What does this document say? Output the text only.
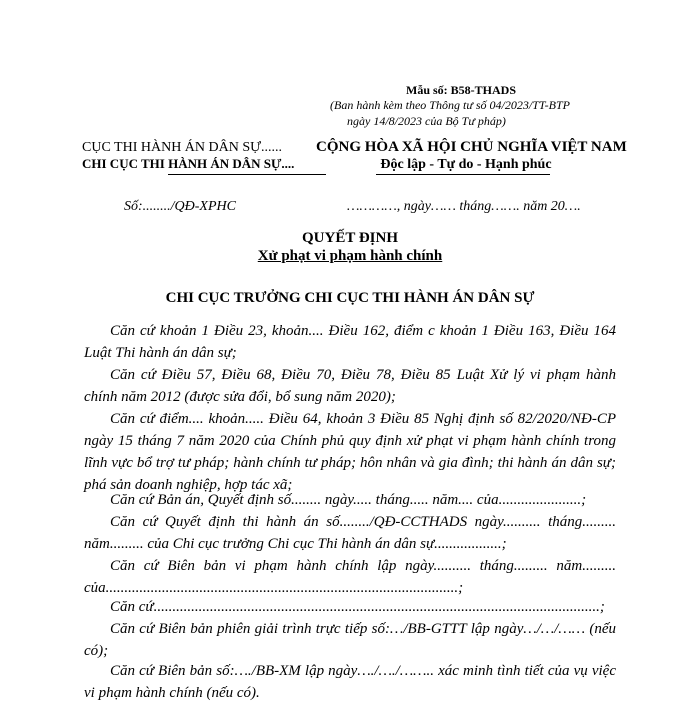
Mẫu số: B58-THADS
(Ban hành kèm theo Thông tư số 04/2023/TT-BTP
ngày 14/8/2023 của Bộ Tư pháp)
CỤC THI HÀNH ÁN DÂN SỰ......
CHI CỤC THI HÀNH ÁN DÂN SỰ....
CỘNG HÒA XÃ HỘI CHỦ NGHĨA VIỆT NAM
Độc lập - Tự do - Hạnh phúc
Số:......../QĐ-XPHC	…………, ngày…… tháng……. năm 20….
QUYẾT ĐỊNH
Xử phạt vi phạm hành chính
CHI CỤC TRƯỞNG CHI CỤC THI HÀNH ÁN DÂN SỰ
Căn cứ khoản 1 Điều 23, khoản.... Điều 162, điểm c khoản 1 Điều 163, Điều 164 Luật Thi hành án dân sự;
Căn cứ Điều 57, Điều 68, Điều 70, Điều 78, Điều 85 Luật Xử lý vi phạm hành chính năm 2012 (được sửa đổi, bổ sung năm 2020);
Căn cứ điểm.... khoản..... Điều 64, khoản 3 Điều 85 Nghị định số 82/2020/NĐ-CP ngày 15 tháng 7 năm 2020 của Chính phủ quy định xử phạt vi phạm hành chính trong lĩnh vực bổ trợ tư pháp; hành chính tư pháp; hôn nhân và gia đình; thi hành án dân sự; phá sản doanh nghiệp, hợp tác xã;
Căn cứ Bản án, Quyết định số........ ngày..... tháng..... năm.... của......................;
Căn cứ Quyết định thi hành án số......../QĐ-CCTHADS ngày.......... tháng......... năm......... của Chi cục trưởng Chi cục Thi hành án dân sự..................;
Căn cứ Biên bản vi phạm hành chính lập ngày.......... tháng......... năm......... của..............................................................................................;
Căn cứ.......................................................................................................................;
Căn cứ Biên bản phiên giải trình trực tiếp số:…/BB-GTTT lập ngày…/…/…… (nếu có);
Căn cứ Biên bản số:…./BB-XM lập ngày…./…./…….. xác minh tình tiết của vụ việc vi phạm hành chính (nếu có).
